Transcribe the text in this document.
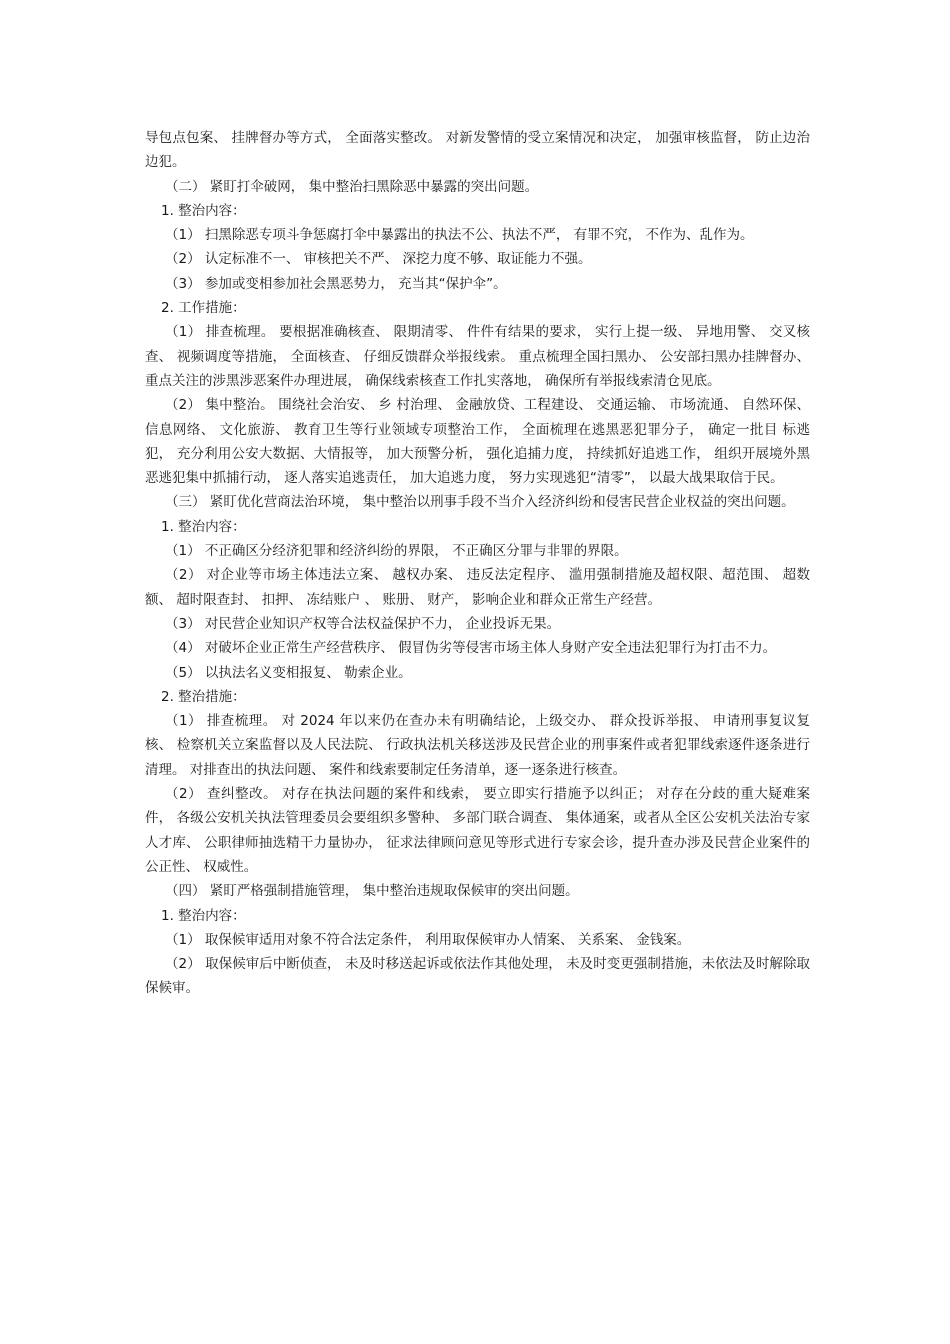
导包点包案、 挂牌督办等方式， 全面落实整改。 对新发警情的受立案情况和决定， 加强审核监督， 防止边治边犯。

（二） 紧盯打伞破网， 集中整治扫黑除恶中暴露的突出问题。

1. 整治内容：

（1） 扫黑除恶专项斗争惩腐打伞中暴露出的执法不公、执法不严， 有罪不究， 不作为、乱作为。

（2） 认定标准不一、 审核把关不严、 深挖力度不够、取证能力不强。

（3） 参加或变相参加社会黑恶势力， 充当其“保护伞”。

2. 工作措施：

（1） 排查梳理。 要根据准确核查、 限期清零、 件件有结果的要求， 实行上提一级、 异地用警、 交叉核查、 视频调度等措施， 全面核查、 仔细反馈群众举报线索。 重点梳理全国扫黑办、 公安部扫黑办挂牌督办、 重点关注的涉黑涉恶案件办理进展， 确保线索核查工作扎实落地， 确保所有举报线索清仓见底。

（2） 集中整治。 围绕社会治安、 乡 村治理、 金融放贷、工程建设、 交通运输、 市场流通、 自然环保、 信息网络、 文化旅游、 教育卫生等行业领域专项整治工作， 全面梳理在逃黑恶犯罪分子， 确定一批目 标逃犯， 充分利用公安大数据、大情报等， 加大预警分析， 强化追捕力度， 持续抓好追逃工作， 组织开展境外黑恶逃犯集中抓捕行动， 逐人落实追逃责任， 加大追逃力度， 努力实现逃犯“清零”， 以最大战果取信于民。

（三） 紧盯优化营商法治环境， 集中整治以刑事手段不当介入经济纠纷和侵害民营企业权益的突出问题。

1. 整治内容：

（1） 不正确区分经济犯罪和经济纠纷的界限， 不正确区分罪与非罪的界限。

（2） 对企业等市场主体违法立案、 越权办案、 违反法定程序、 滥用强制措施及超权限、超范围、 超数额、 超时限查封、 扣押、 冻结账户 、 账册、 财产， 影响企业和群众正常生产经营。

（3） 对民营企业知识产权等合法权益保护不力， 企业投诉无果。

（4） 对破坏企业正常生产经营秩序、 假冒伪劣等侵害市场主体人身财产安全违法犯罪行为打击不力。

（5） 以执法名义变相报复、 勒索企业。

2. 整治措施：

（1） 排查梳理。 对 2024 年以来仍在查办未有明确结论，上级交办、 群众投诉举报、 申请刑事复议复核、 检察机关立案监督以及人民法院、 行政执法机关移送涉及民营企业的刑事案件或者犯罪线索逐件逐条进行清理。 对排查出的执法问题、 案件和线索要制定任务清单，逐一逐条进行核查。

（2） 查纠整改。 对存在执法问题的案件和线索， 要立即实行措施予以纠正； 对存在分歧的重大疑难案件， 各级公安机关执法管理委员会要组织多警种、 多部门联合调查、 集体通案，或者从全区公安机关法治专家人才库、 公职律师抽选精干力量协办， 征求法律顾问意见等形式进行专家会诊，提升查办涉及民营企业案件的公正性、 权威性。

（四） 紧盯严格强制措施管理， 集中整治违规取保候审的突出问题。

1. 整治内容：

（1） 取保候审适用对象不符合法定条件， 利用取保候审办人情案、 关系案、 金钱案。

（2） 取保候审后中断侦查， 未及时移送起诉或依法作其他处理， 未及时变更强制措施，未依法及时解除取保候审。
